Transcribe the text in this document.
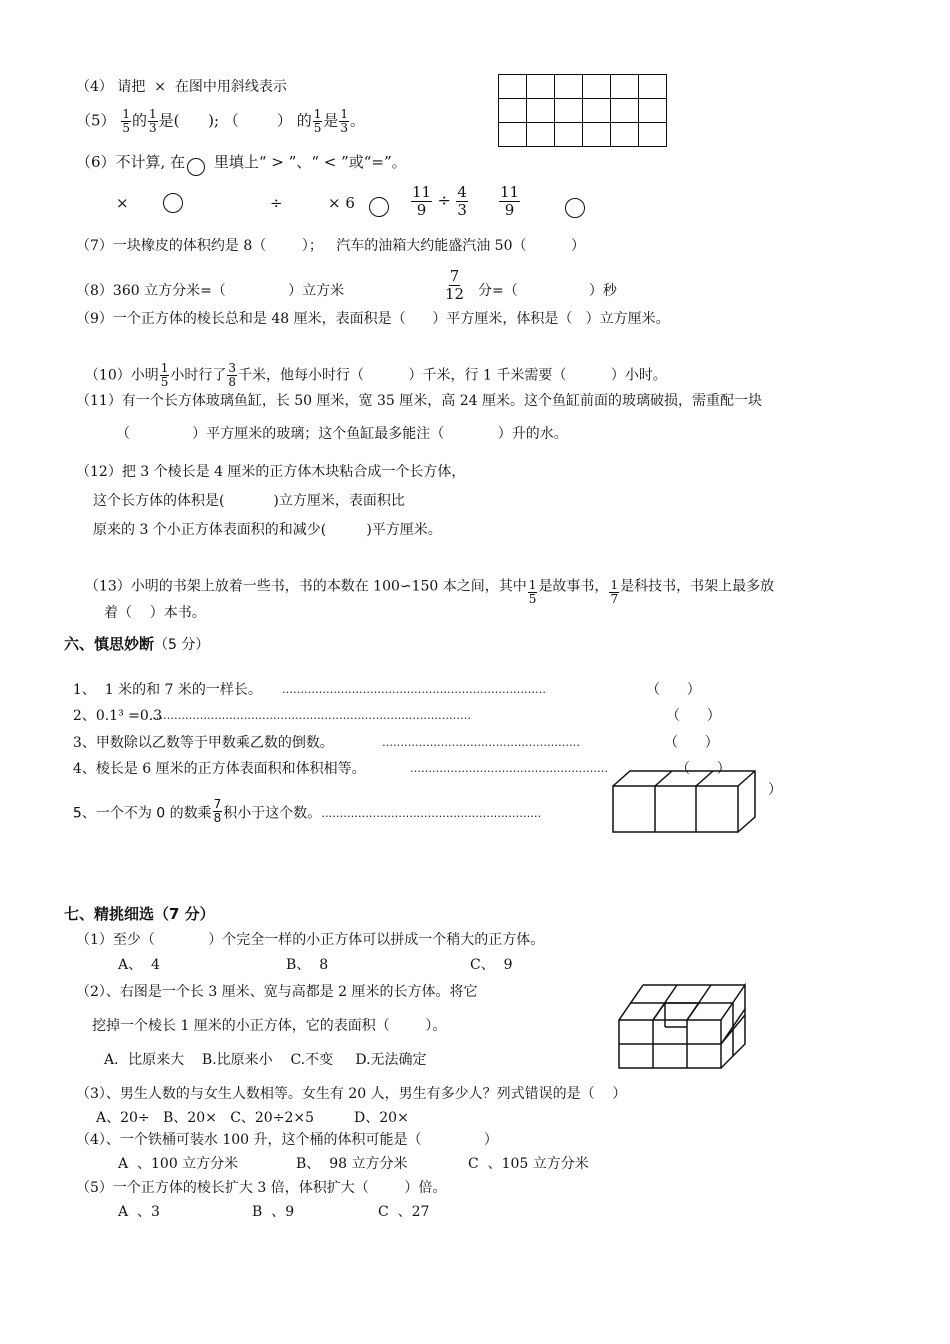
（4） 请把 × 在图中用斜线表示
$(5) \frac{1}{5}$ 的 $\frac{1}{3}$ 是(      ); （        ） 的 $\frac{1}{5}$ 是 $\frac{1}{3}$ 。
（6）不计算, 在 里填上“ > ”、“ < ”或“=”。
×	÷	× 6	$\frac{11}{9} \div \frac{4}{3} \frac{11}{9}$
（7）一块橡皮的体积约是 8（        ）；   汽车的油箱大约能盛汽油 50（          ）
（8）360 立方分米=（              ）立方米	$\frac{7}{12}$ 分=（                ）秒
（9）一个正方体的棱长总和是 48 厘米，表面积是（      ）平方厘米，体积是（   ）立方厘米。

（10）小明 $\frac{1}{5}$ 小时行了 $\frac{3}{8}$ 千米，他每小时行（          ）千米，行 1 千米需要（          ）小时。

（11）有一个长方体玻璃鱼缸，长 50 厘米，宽 35 厘米，高 24 厘米。这个鱼缸前面的玻璃破损，需重配一块
（              ）平方厘米的玻璃；这个鱼缸最多能注（            ）升的水。
（12）把 3 个棱长是 4 厘米的正方体木块粘合成一个长方体，
这个长方体的体积是(           )立方厘米，表面积比
原来的 3 个小正方体表面积的和减少(         )平方厘米。

（13）小明的书架上放着一些书，书的本数在 100∽150 本之间，其中 $\frac{1}{5}$ 是故事书， $\frac{1}{7}$ 是科技书，书架上最多放

着（    ）本书。
六、慎思妙断（5 分）

1、  1 米的和 7 米的一样长。 ………………………………………………………………	（      ）

2、0.1³ =0.3
……………………………………………………………………………	（      ）

3、甲数除以乙数等于甲数乘乙数的倒数。	………………………………………………	（      ）

4、棱长是 6 厘米的正方体表面积和体积相等。	………………………………………………	（      ）

5、一个不为 0 的数乘 $\frac{7}{8}$ 积小于这个数。……………………………………………………

）
七、精挑细选（7 分）
（1）至少（            ）个完全一样的小正方体可以拼成一个稍大的正方体。
A、  4	B、  8	C、  9
（2）、右图是一个长 3 厘米、宽与高都是 2 厘米的长方体。将它
挖掉一个棱长 1 厘米的小正方体，它的表面积（        ）。
A．比原来大    B.比原来小    C.不变     D.无法确定
（3）、男生人数的与女生人数相等。女生有 20 人，男生有多少人？列式错误的是（    ）
A、20÷   B、20×   C、20÷2×5         D、20×
（4）、一个铁桶可装水 100 升，这个桶的体积可能是（              ）
A  、100 立方分米	B、  98 立方分米	C  、105 立方分米
（5）一个正方体的棱长扩大 3 倍，体积扩大（        ）倍。
A  、3	B  、9	C  、27
